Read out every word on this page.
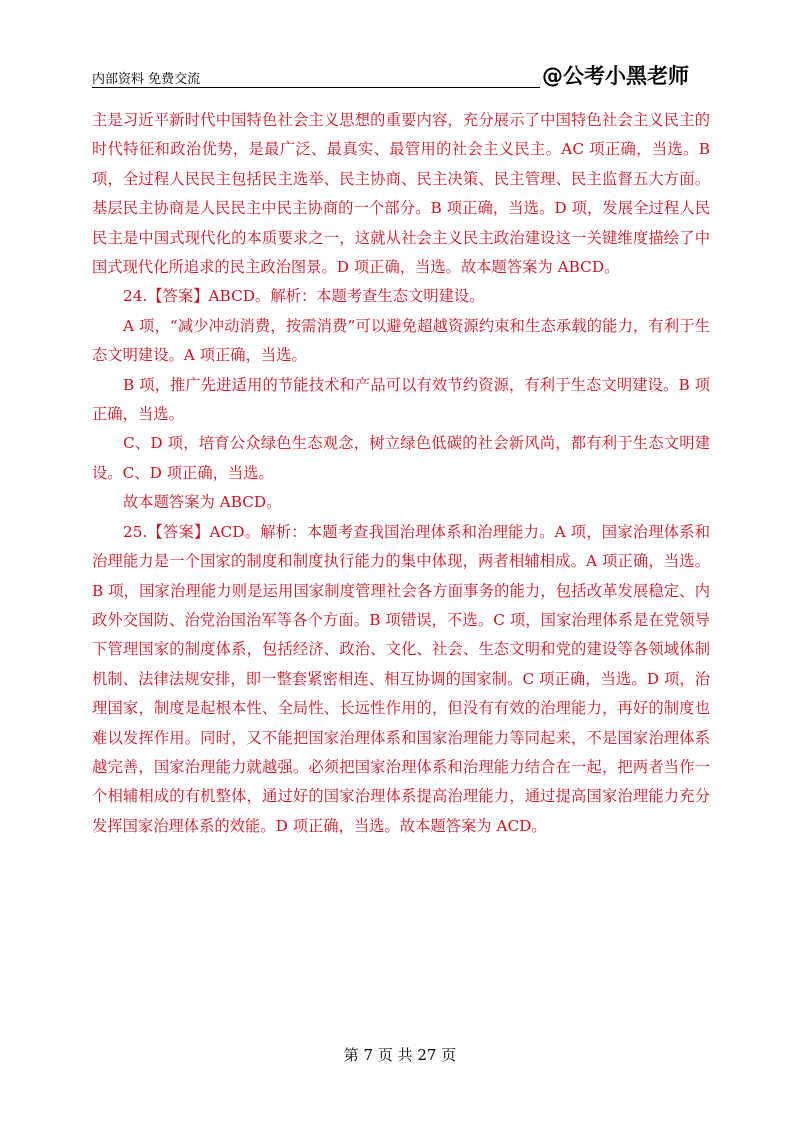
内部资料 免费交流	@公考小黑老师

主是习近平新时代中国特色社会主义思想的重要内容，充分展示了中国特色社会主义民主的时代特征和政治优势，是最广泛、最真实、最管用的社会主义民主。AC 项正确，当选。B 项，全过程人民民主包括民主选举、民主协商、民主决策、民主管理、民主监督五大方面。基层民主协商是人民民主中民主协商的一个部分。B 项正确，当选。D 项，发展全过程人民民主是中国式现代化的本质要求之一，这就从社会主义民主政治建设这一关键维度描绘了中国式现代化所追求的民主政治图景。D 项正确，当选。故本题答案为 ABCD。

24.【答案】ABCD。解析：本题考查生态文明建设。

A 项，“减少冲动消费，按需消费”可以避免超越资源约束和生态承载的能力，有利于生态文明建设。A 项正确，当选。

B 项，推广先进适用的节能技术和产品可以有效节约资源，有利于生态文明建设。B 项正确，当选。

C、D 项，培育公众绿色生态观念，树立绿色低碳的社会新风尚，都有利于生态文明建设。C、D 项正确，当选。

故本题答案为 ABCD。

25.【答案】ACD。解析：本题考查我国治理体系和治理能力。A 项，国家治理体系和治理能力是一个国家的制度和制度执行能力的集中体现，两者相辅相成。A 项正确，当选。B 项，国家治理能力则是运用国家制度管理社会各方面事务的能力，包括改革发展稳定、内政外交国防、治党治国治军等各个方面。B 项错误，不选。C 项，国家治理体系是在党领导下管理国家的制度体系，包括经济、政治、文化、社会、生态文明和党的建设等各领域体制机制、法律法规安排，即一整套紧密相连、相互协调的国家制。C 项正确，当选。D 项，治理国家，制度是起根本性、全局性、长远性作用的，但没有有效的治理能力，再好的制度也难以发挥作用。同时，又不能把国家治理体系和国家治理能力等同起来，不是国家治理体系越完善，国家治理能力就越强。必须把国家治理体系和治理能力结合在一起，把两者当作一个相辅相成的有机整体，通过好的国家治理体系提高治理能力，通过提高国家治理能力充分发挥国家治理体系的效能。D 项正确，当选。故本题答案为 ACD。

第 7 页 共 27 页
